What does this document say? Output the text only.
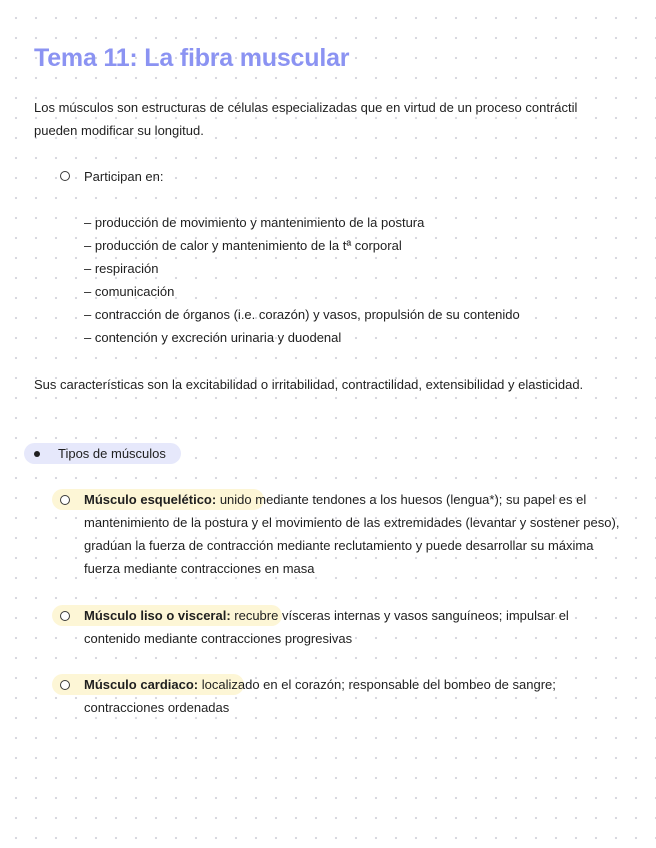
Tema 11: La fibra muscular

Los músculos son estructuras de células especializadas que en virtud de un proceso contráctil pueden modificar su longitud.

Participan en:
– producción de movimiento y mantenimiento de la postura
– producción de calor y mantenimiento de la tª corporal
– respiración
– comunicación
– contracción de órganos (i.e. corazón) y vasos, propulsión de su contenido
– contención y excreción urinaria y duodenal

Sus características son la excitabilidad o irritabilidad, contractilidad, extensibilidad y elasticidad.

Tipos de músculos

Músculo esquelético: unido mediante tendones a los huesos (lengua*); su papel es el mantenimiento de la postura y el movimiento de las extremidades (levantar y sostener peso), gradúan la fuerza de contracción mediante reclutamiento y puede desarrollar su máxima fuerza mediante contracciones en masa

Músculo liso o visceral: recubre vísceras internas y vasos sanguíneos; impulsar el contenido mediante contracciones progresivas

Músculo cardiaco: localizado en el corazón; responsable del bombeo de sangre; contracciones ordenadas
